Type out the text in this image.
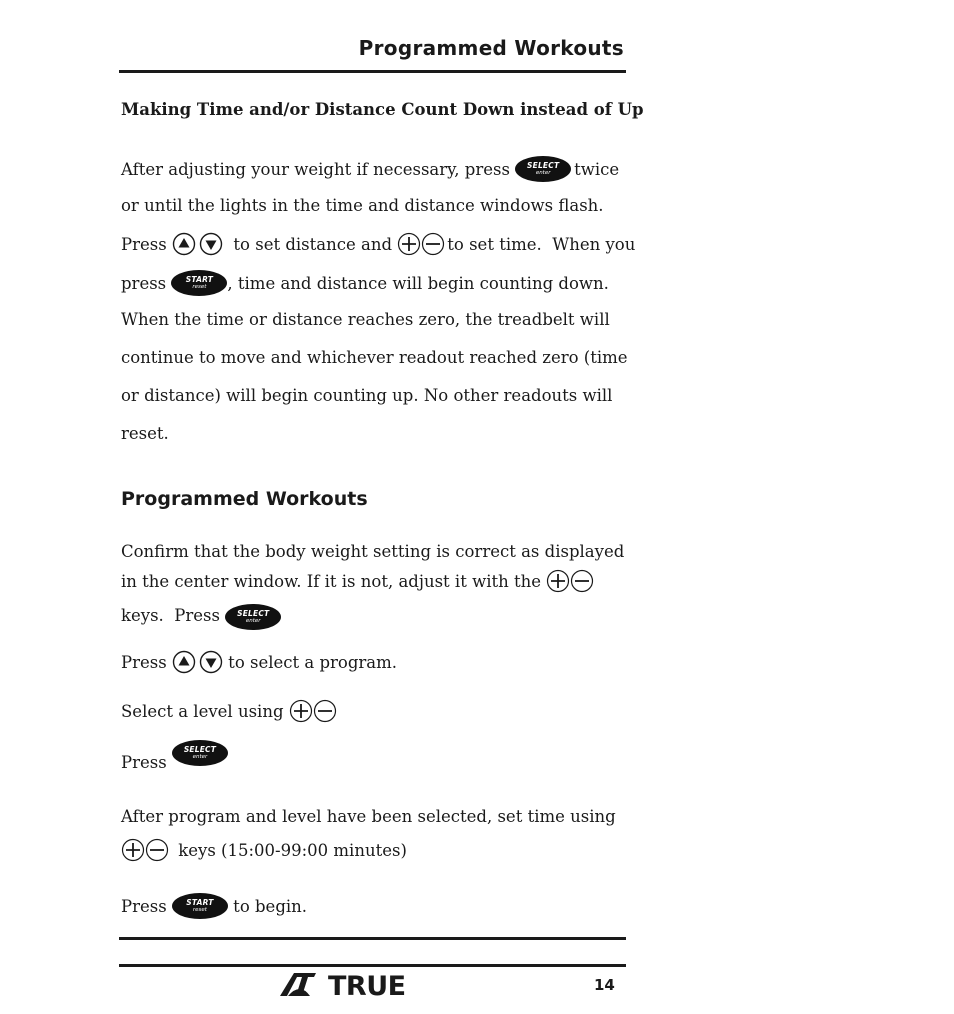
Programmed Workouts
Making Time and/or Distance Count Down instead of Up
After adjusting your weight if necessary, press SELECT
enter twice
or until the lights in the time and distance windows flash.
Press	to set distance and	to set time.  When you
press START
reset , time and distance will begin counting down.
When the time or distance reaches zero, the treadbelt will
continue to move and whichever readout reached zero (time
or distance) will begin counting up. No other readouts will
reset.
Programmed Workouts
Confirm that the body weight setting is correct as displayed
in the center window. If it is not, adjust it with the
keys.  Press SELECT
enter
Press	to select a program.
Select a level using
Press
SELECT
enter
After program and level have been selected, set time using
keys (15:00-99:00 minutes)
Press START
reset to begin.
TRUE	14
